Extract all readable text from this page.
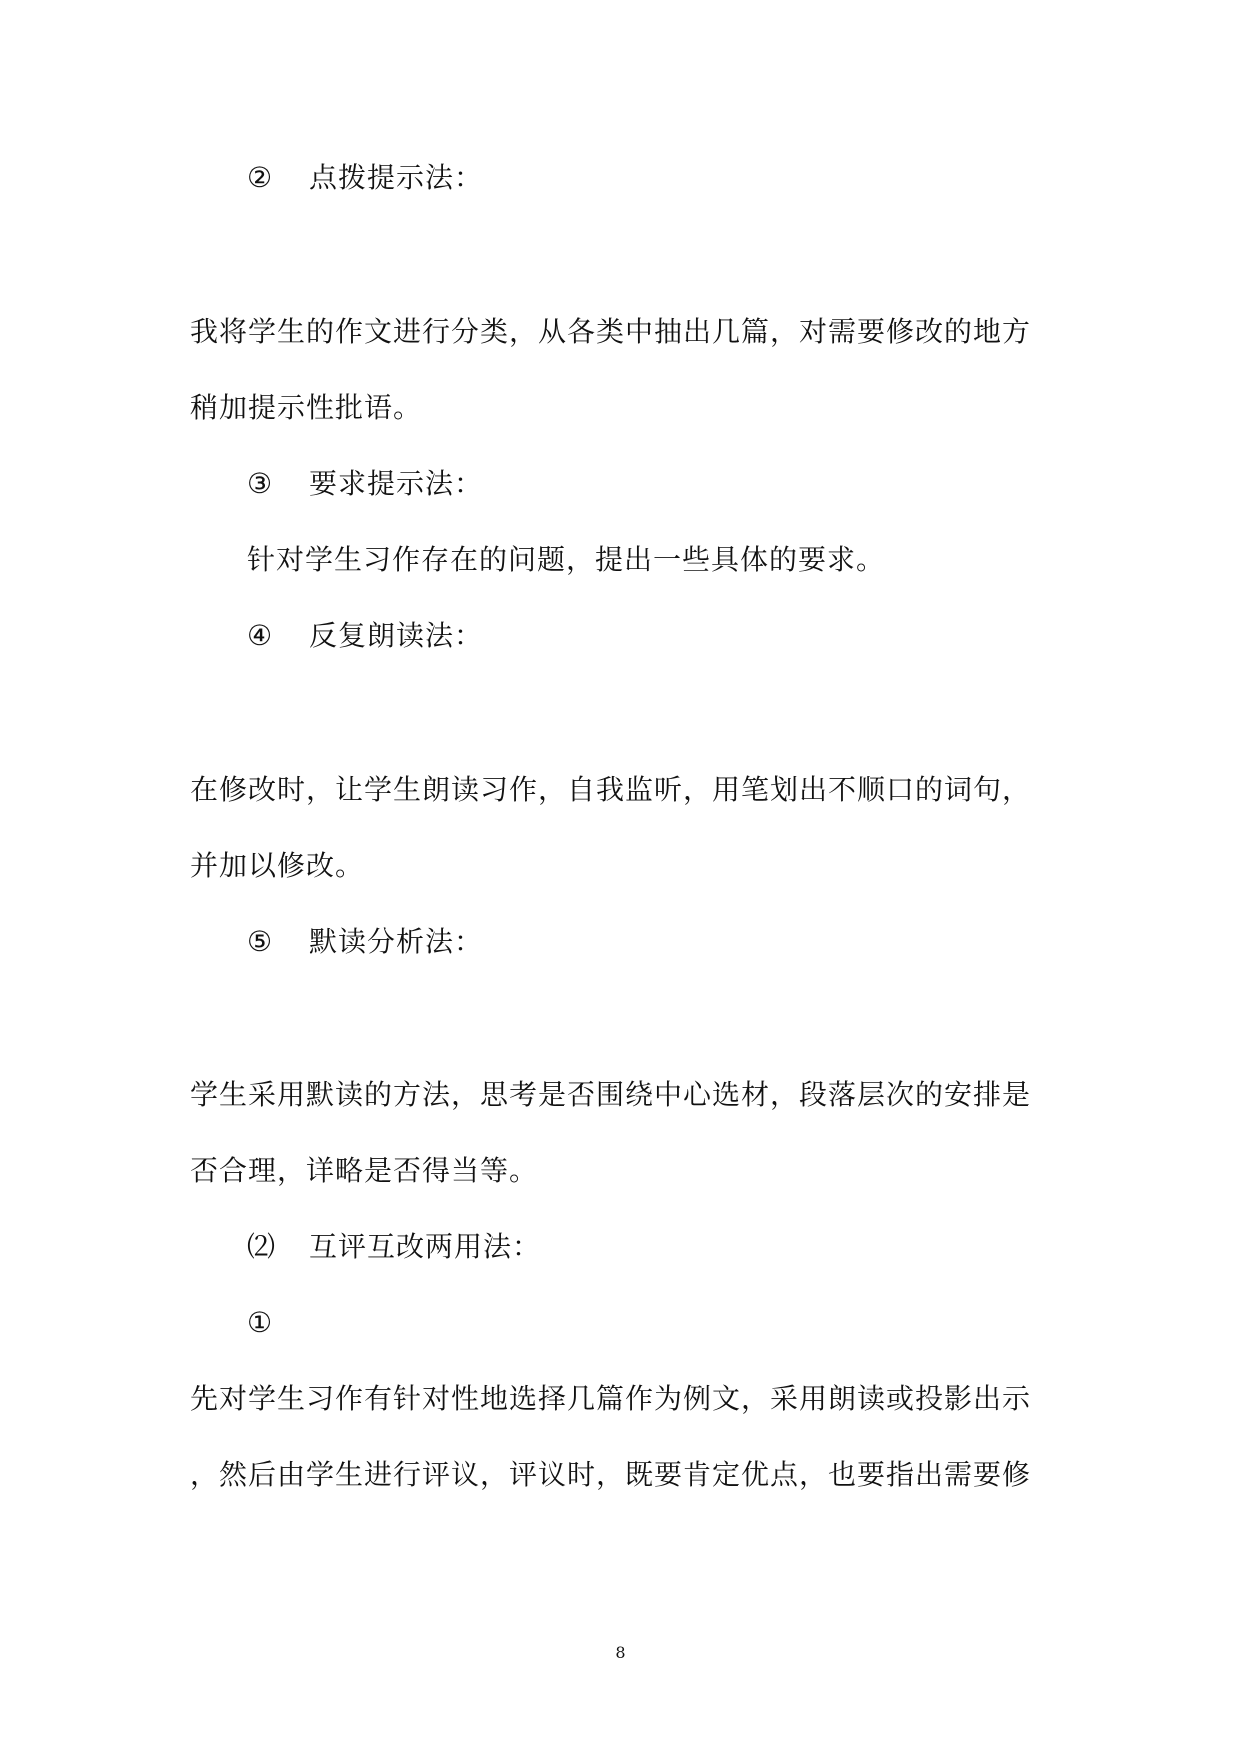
② 点拨提示法：

我将学生的作文进行分类，从各类中抽出几篇，对需要修改的地方

稍加提示性批语。

③ 要求提示法：

针对学生习作存在的问题，提出一些具体的要求。

④ 反复朗读法：

在修改时，让学生朗读习作，自我监听，用笔划出不顺口的词句，

并加以修改。

⑤ 默读分析法：

学生采用默读的方法，思考是否围绕中心选材，段落层次的安排是

否合理，详略是否得当等。

⑵ 互评互改两用法：

①

先对学生习作有针对性地选择几篇作为例文，采用朗读或投影出示

，然后由学生进行评议，评议时，既要肯定优点，也要指出需要修

8
